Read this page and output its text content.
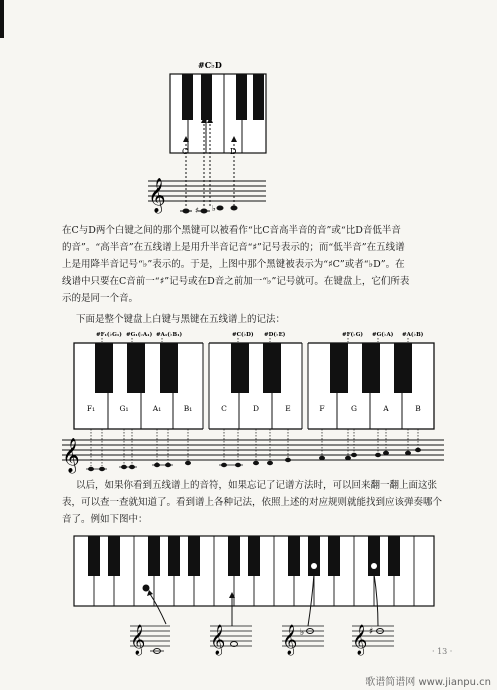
#C♭D
C	D
𝄞	♯ ♭
在C与D两个白键之间的那个黑键可以被看作“比C音高半音的音”或“比D音低半音
的音”。“高半音”在五线谱上是用升半音记音“♯”记号表示的；而“低半音”在五线谱
上是用降半音记号“♭”表示的。于是，上图中那个黑键被表示为“♯C”或者“♭D”。在
线谱中只要在C音前一“♯”记号或在D音之前加一“♭”记号就可。在键盘上，它们所表
示的是同一个音。
下面是整个键盘上白键与黑键在五线谱上的记法：
#F₁(♭G₁) #G₁(♭A₁) #A₁(♭B₁)	#C(♭D) #D(♭E)	#F(♭G) #G(♭A) #A(♭B)
F₁	G₁	A₁	B₁	C	D	E	F	G	A	B
𝄞
以后，如果你看到五线谱上的音符，如果忘记了记谱方法时，可以回来翻一翻上面这张
表，可以查一查就知道了。看到谱上各种记法，依照上述的对应规则就能找到应该弹奏哪个
音了。例如下图中：
𝄞 𝄞 𝄞 ♭ 𝄞 ♯
· 13 ·
歌谱简谱网 www.jianpu.cn
